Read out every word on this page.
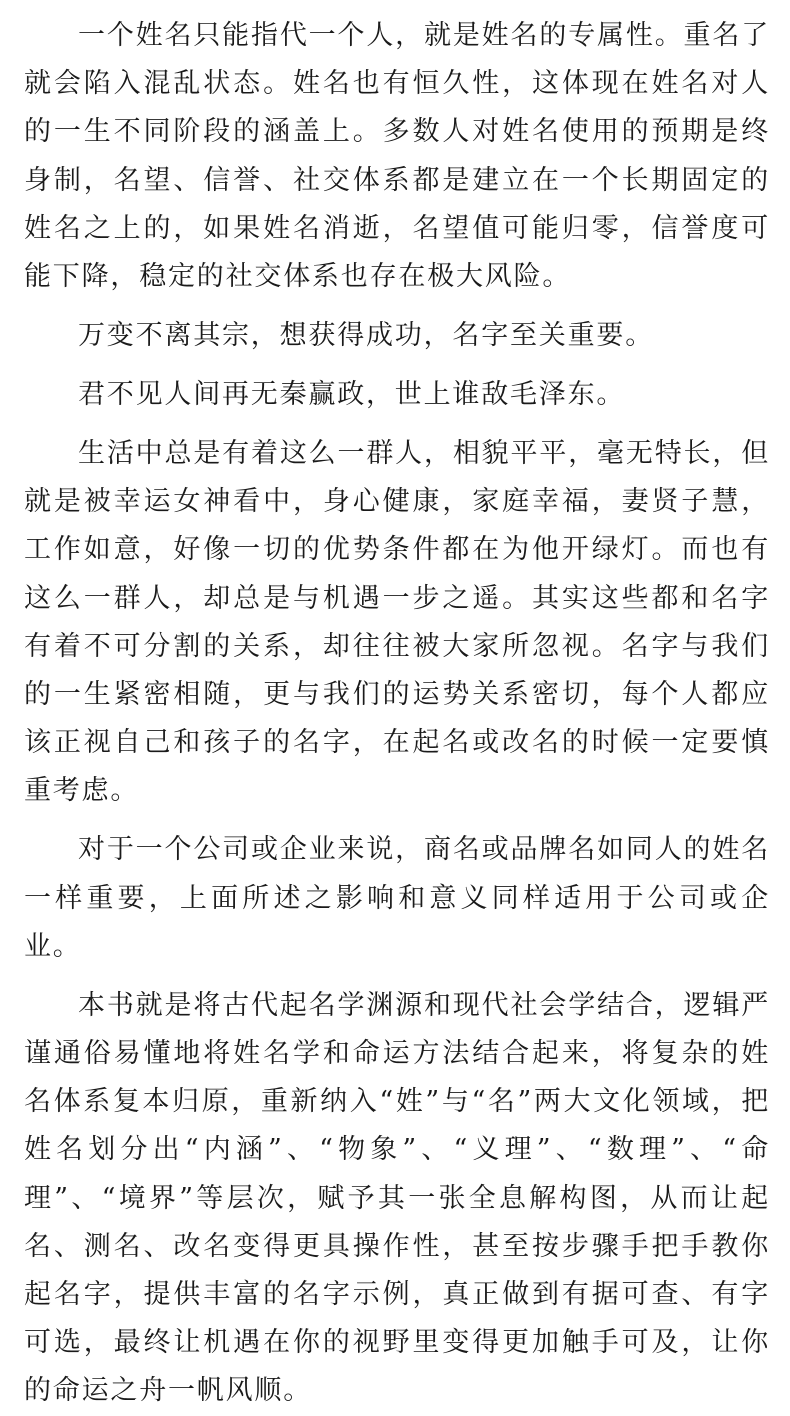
一个姓名只能指代一个人，就是姓名的专属性。重名了就会陷入混乱状态。姓名也有恒久性，这体现在姓名对人的一生不同阶段的涵盖上。多数人对姓名使用的预期是终身制，名望、信誉、社交体系都是建立在一个长期固定的姓名之上的，如果姓名消逝，名望值可能归零，信誉度可能下降，稳定的社交体系也存在极大风险。

万变不离其宗，想获得成功，名字至关重要。

君不见人间再无秦赢政，世上谁敌毛泽东。

生活中总是有着这么一群人，相貌平平，毫无特长，但就是被幸运女神看中，身心健康，家庭幸福，妻贤子慧，工作如意，好像一切的优势条件都在为他开绿灯。而也有这么一群人，却总是与机遇一步之遥。其实这些都和名字有着不可分割的关系，却往往被大家所忽视。名字与我们的一生紧密相随，更与我们的运势关系密切，每个人都应该正视自己和孩子的名字，在起名或改名的时候一定要慎重考虑。

对于一个公司或企业来说，商名或品牌名如同人的姓名一样重要，上面所述之影响和意义同样适用于公司或企业。

本书就是将古代起名学渊源和现代社会学结合，逻辑严谨通俗易懂地将姓名学和命运方法结合起来，将复杂的姓名体系复本归原，重新纳入“姓”与“名”两大文化领域，把姓名划分出“内涵”、“物象”、“义理”、“数理”、“命理”、“境界”等层次，赋予其一张全息解构图，从而让起名、测名、改名变得更具操作性，甚至按步骤手把手教你起名字，提供丰富的名字示例，真正做到有据可查、有字可选，最终让机遇在你的视野里变得更加触手可及，让你的命运之舟一帆风顺。
